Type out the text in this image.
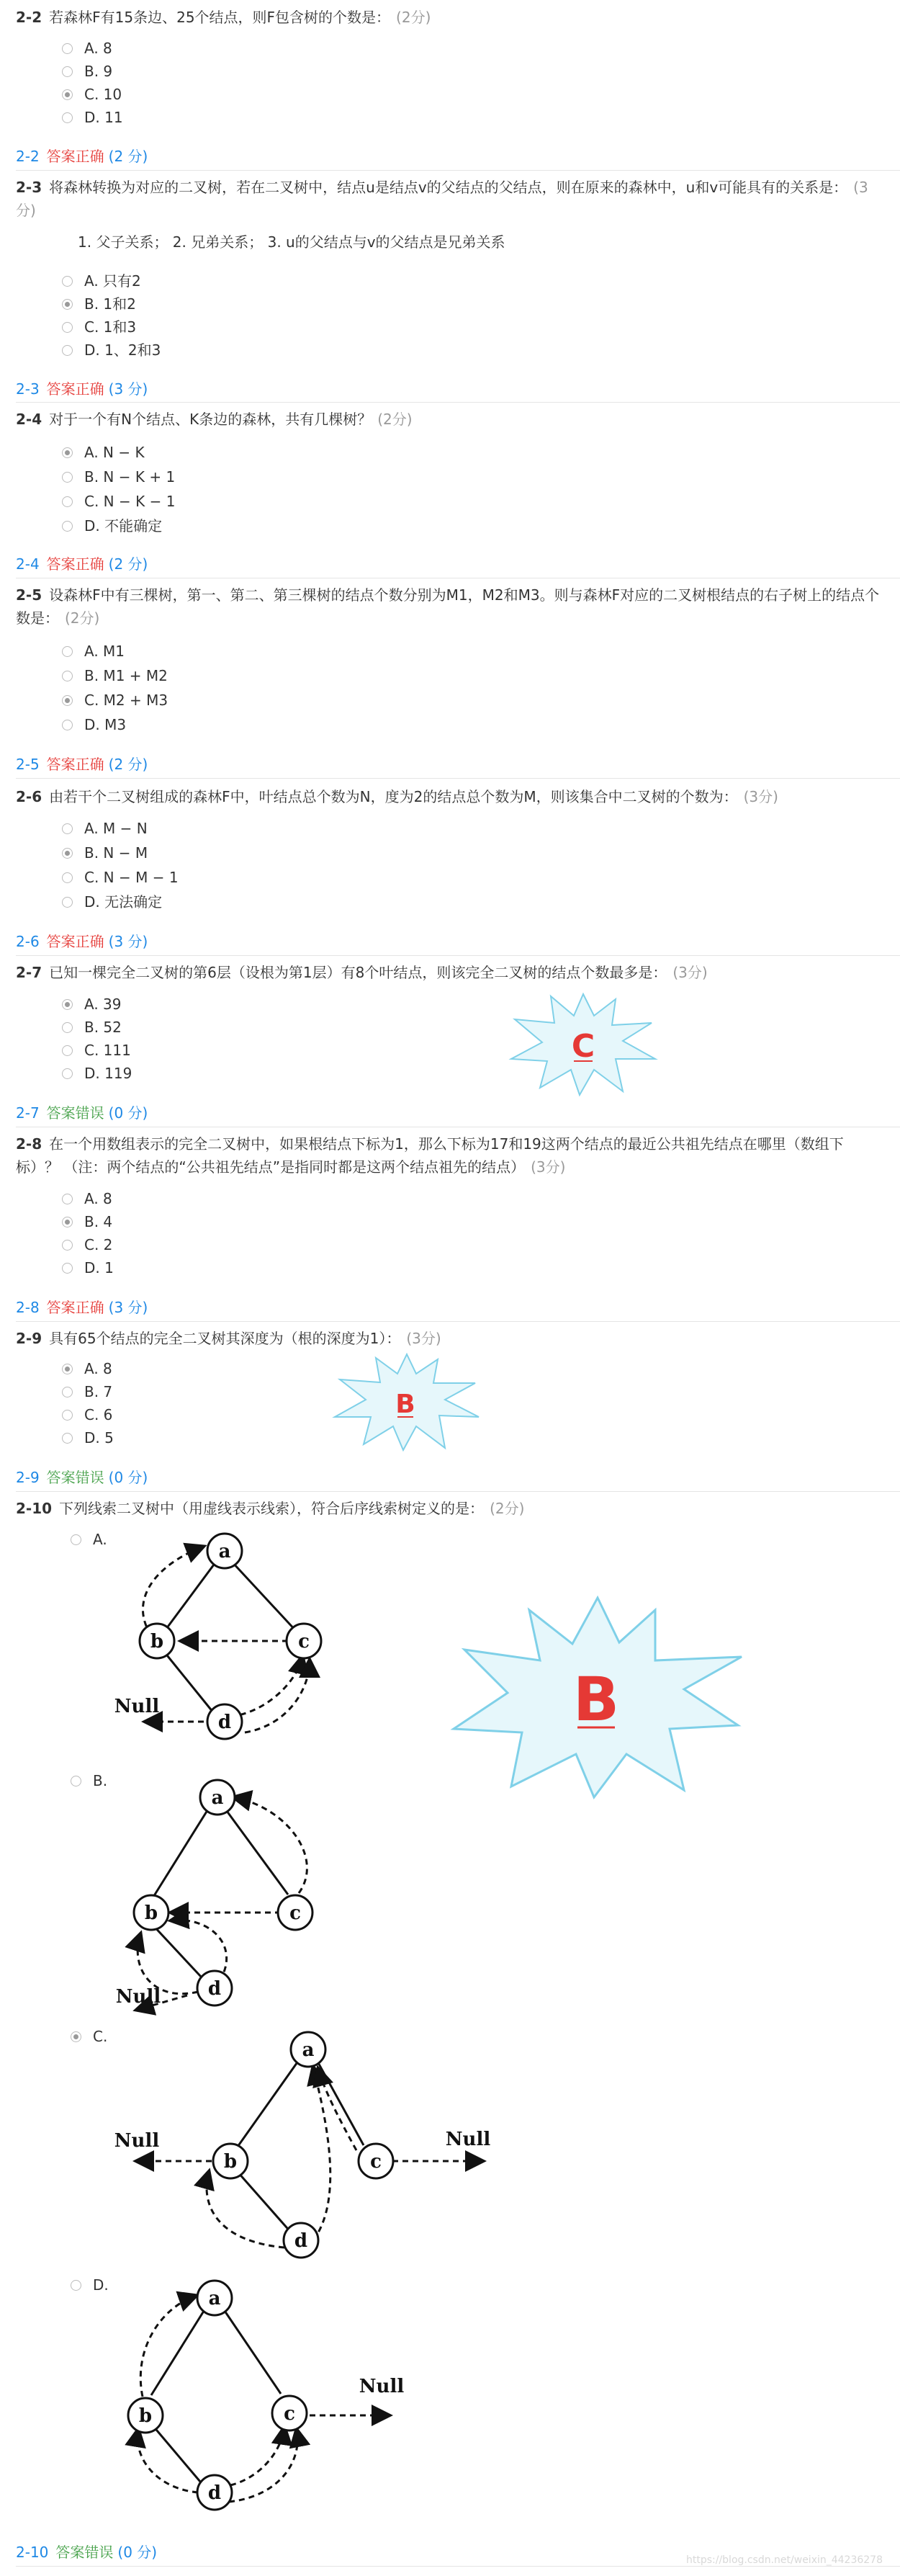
2-2 若森林F有15条边、25个结点，则F包含树的个数是： (2分)
A. 8
B. 9
C. 10
D. 11
2-2 答案正确 (2 分)
2-3 将森林转换为对应的二叉树，若在二叉树中，结点u是结点v的父结点的父结点，则在原来的森林中，u和v可能具有的关系是： (3分)
1. 父子关系； 2. 兄弟关系； 3. u的父结点与v的父结点是兄弟关系
A. 只有2
B. 1和2
C. 1和3
D. 1、2和3
2-3 答案正确 (3 分)
2-4 对于一个有N个结点、K条边的森林，共有几棵树？ (2分)
A. N − K
B. N − K + 1
C. N − K − 1
D. 不能确定
2-4 答案正确 (2 分)
2-5 设森林F中有三棵树，第一、第二、第三棵树的结点个数分别为M1，M2和M3。则与森林F对应的二叉树根结点的右子树上的结点个数是： (2分)
A. M1
B. M1 + M2
C. M2 + M3
D. M3
2-5 答案正确 (2 分)
2-6 由若干个二叉树组成的森林F中，叶结点总个数为N，度为2的结点总个数为M，则该集合中二叉树的个数为： (3分)
A. M − N
B. N − M
C. N − M − 1
D. 无法确定
2-6 答案正确 (3 分)
2-7 已知一棵完全二叉树的第6层（设根为第1层）有8个叶结点，则该完全二叉树的结点个数最多是： (3分)
A. 39
B. 52
C. 111
D. 119
C
2-7 答案错误 (0 分)
2-8 在一个用数组表示的完全二叉树中，如果根结点下标为1，那么下标为17和19这两个结点的最近公共祖先结点在哪里（数组下标）？ （注：两个结点的“公共祖先结点”是指同时都是这两个结点祖先的结点） (3分)
A. 8
B. 4
C. 2
D. 1
2-8 答案正确 (3 分)
2-9 具有65个结点的完全二叉树其深度为（根的深度为1）： (3分)
A. 8
B. 7
C. 6
D. 5
B
2-9 答案错误 (0 分)
2-10 下列线索二叉树中（用虚线表示线索），符合后序线索树定义的是： (2分)
A.
a
b	c
d
Null	B
B.
a
b	c
d
Null
C.
a
b	c
d
Null	Null
D.
a
b	c
d
Null
2-10 答案错误 (0 分)	https://blog.csdn.net/weixin_44236278
